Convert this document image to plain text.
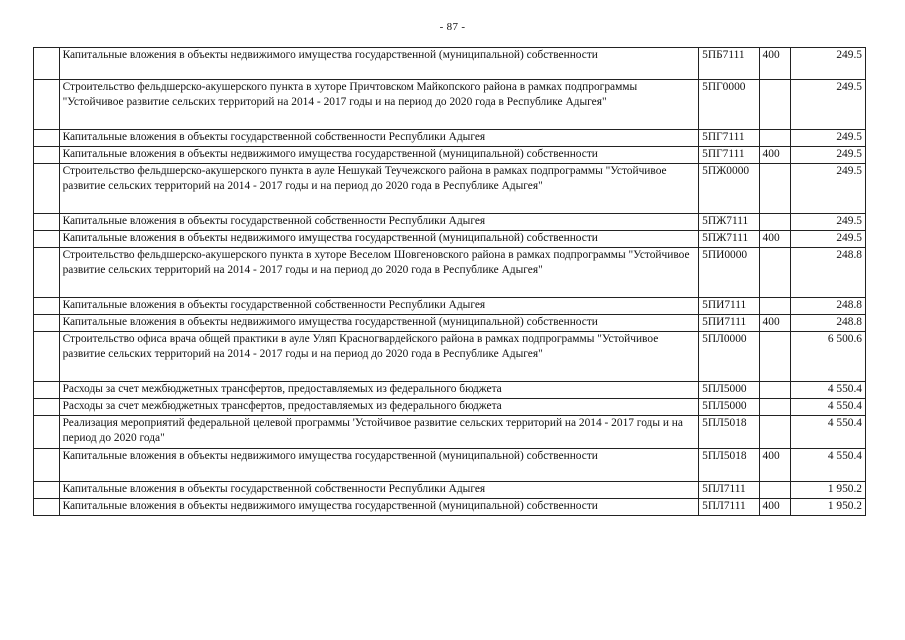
- 87 -
	Капитальные вложения в объекты недвижимого имущества государственной (муниципальной) собственности	5ПБ7111	400	249.5
	Строительство фельдшерско-акушерского пункта в хуторе Причтовском Майкопского района в рамках подпрограммы "Устойчивое развитие сельских территорий на 2014 - 2017 годы и на период до 2020 года в Республике Адыгея"	5ПГ0000		249.5
	Капитальные вложения в объекты государственной собственности Республики Адыгея	5ПГ7111		249.5
	Капитальные вложения в объекты недвижимого имущества государственной (муниципальной) собственности	5ПГ7111	400	249.5
	Строительство фельдшерско-акушерского пункта в ауле Нешукай Теучежского района в рамках подпрограммы "Устойчивое развитие сельских территорий на 2014 - 2017 годы и на период до 2020 года в Республике Адыгея"	5ПЖ0000		249.5
	Капитальные вложения в объекты государственной собственности Республики Адыгея	5ПЖ7111		249.5
	Капитальные вложения в объекты недвижимого имущества государственной (муниципальной) собственности	5ПЖ7111	400	249.5
	Строительство фельдшерско-акушерского пункта в хуторе Веселом Шовгеновского района в рамках подпрограммы "Устойчивое развитие сельских территорий на 2014 - 2017 годы и на период до 2020 года в Республике Адыгея"	5ПИ0000		248.8
	Капитальные вложения в объекты государственной собственности Республики Адыгея	5ПИ7111		248.8
	Капитальные вложения в объекты недвижимого имущества государственной (муниципальной) собственности	5ПИ7111	400	248.8
	Строительство офиса врача общей практики в ауле Уляп Красногвардейского района в рамках подпрограммы "Устойчивое развитие сельских территорий на 2014 - 2017 годы и на период до 2020 года в Республике Адыгея"	5ПЛ0000		6 500.6
	Расходы за счет межбюджетных трансфертов, предоставляемых из федерального бюджета	5ПЛ5000		4 550.4
	Расходы за счет межбюджетных трансфертов, предоставляемых из федерального бюджета	5ПЛ5000		4 550.4
	Реализация мероприятий федеральной целевой программы 'Устойчивое развитие сельских территорий на 2014 - 2017 годы и на период до 2020 года"	5ПЛ5018		4 550.4
	Капитальные вложения в объекты недвижимого имущества государственной (муниципальной) собственности	5ПЛ5018	400	4 550.4
	Капитальные вложения в объекты государственной собственности Республики Адыгея	5ПЛ7111		1 950.2
	Капитальные вложения в объекты недвижимого имущества государственной (муниципальной) собственности	5ПЛ7111	400	1 950.2
